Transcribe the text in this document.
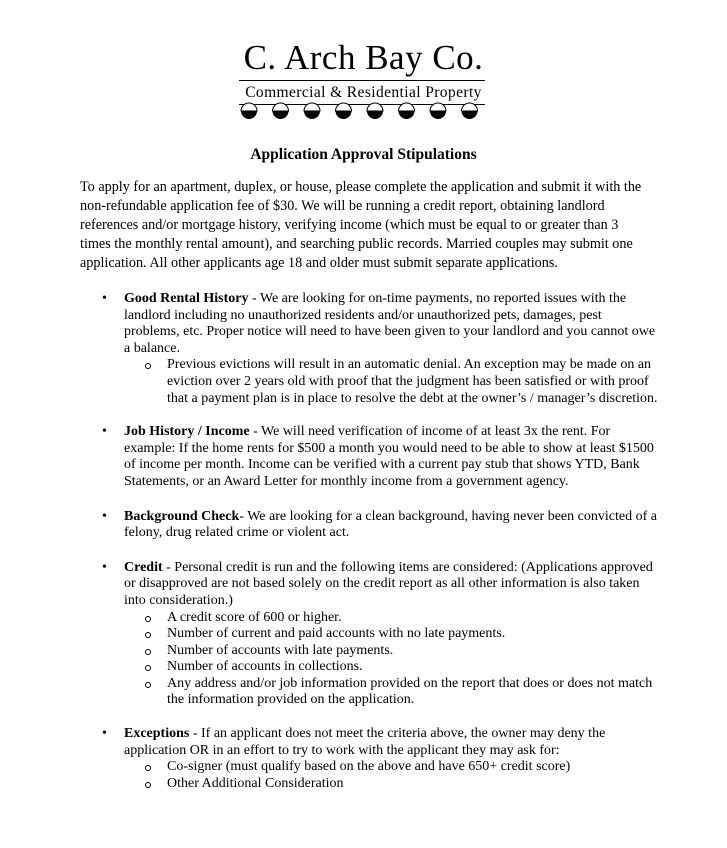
C. Arch Bay Co.
Commercial & Residential Property
Application Approval Stipulations

To apply for an apartment, duplex, or house, please complete the application and submit it with the non-refundable application fee of $30. We will be running a credit report, obtaining landlord references and/or mortgage history, verifying income (which must be equal to or greater than 3 times the monthly rental amount), and searching public records. Married couples may submit one application. All other applicants age 18 and older must submit separate applications.

• Good Rental History - We are looking for on-time payments, no reported issues with the landlord including no unauthorized residents and/or unauthorized pets, damages, pest problems, etc. Proper notice will need to have been given to your landlord and you cannot owe a balance.
Previous evictions will result in an automatic denial. An exception may be made on an eviction over 2 years old with proof that the judgment has been satisfied or with proof that a payment plan is in place to resolve the debt at the owner’s / manager’s discretion.
• Job History / Income - We will need verification of income of at least 3x the rent. For example: If the home rents for $500 a month you would need to be able to show at least $1500 of income per month. Income can be verified with a current pay stub that shows YTD, Bank Statements, or an Award Letter for monthly income from a government agency.
• Background Check- We are looking for a clean background, having never been convicted of a felony, drug related crime or violent act.
• Credit - Personal credit is run and the following items are considered: (Applications approved or disapproved are not based solely on the credit report as all other information is also taken into consideration.)
A credit score of 600 or higher.
Number of current and paid accounts with no late payments.
Number of accounts with late payments.
Number of accounts in collections.
Any address and/or job information provided on the report that does or does not match the information provided on the application.
• Exceptions - If an applicant does not meet the criteria above, the owner may deny the application OR in an effort to try to work with the applicant they may ask for:
Co-signer (must qualify based on the above and have 650+ credit score)
Other Additional Consideration
